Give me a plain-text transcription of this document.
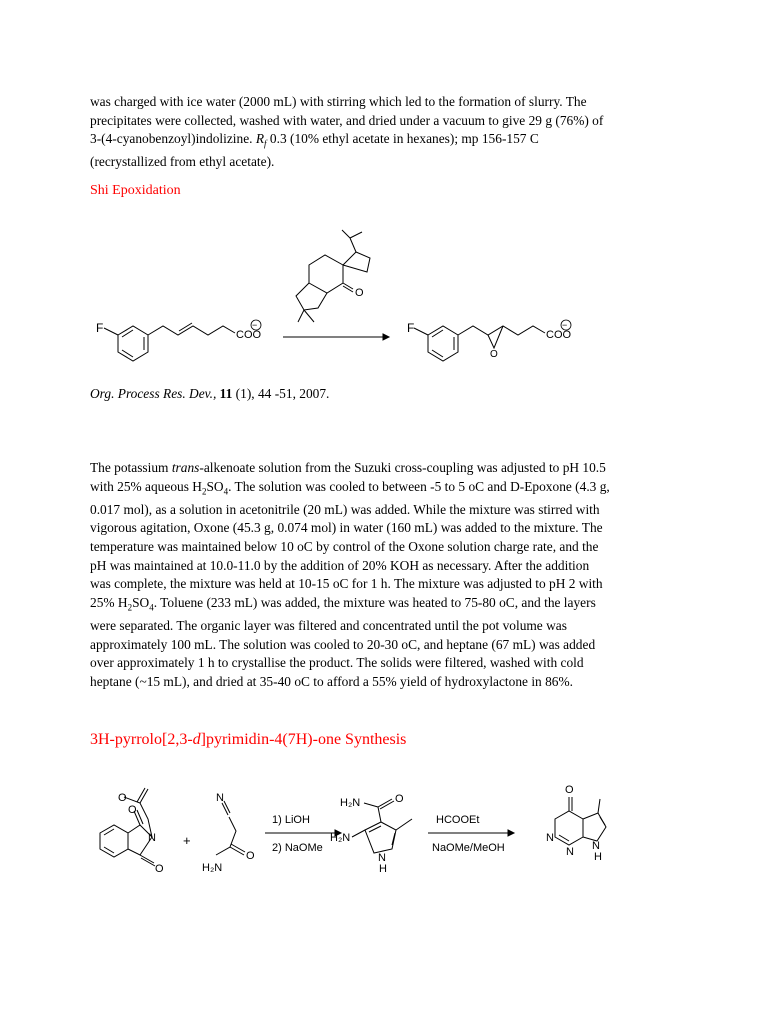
was charged with ice water (2000 mL) with stirring which led to the formation of slurry. The
precipitates were collected, washed with water, and dried under a vacuum to give 29 g (76%) of
3-(4-cyanobenzoyl)indolizine. $R_f$ 0.3 (10% ethyl acetate in hexanes); mp 156-157 C
(recrystallized from ethyl acetate).

Shi Epoxidation
F	COO
−	F	COO
−
O
O

Org. Process Res. Dev., 11 (1), 44 -51, 2007.

The potassium trans-alkenoate solution from the Suzuki cross-coupling was adjusted to pH 10.5
with 25% aqueous $H_2SO_4$. The solution was cooled to between -5 to 5 oC and D-Epoxone (4.3 g,
0.017 mol), as a solution in acetonitrile (20 mL) was added. While the mixture was stirred with
vigorous agitation, Oxone (45.3 g, 0.074 mol) in water (160 mL) was added to the mixture. The
temperature was maintained below 10 oC by control of the Oxone solution charge rate, and the
pH was maintained at 10.0-11.0 by the addition of 20% KOH as necessary. After the addition
was complete, the mixture was held at 10-15 oC for 1 h. The mixture was adjusted to pH 2 with
25% $H_2SO_4$. Toluene (233 mL) was added, the mixture was heated to 75-80 oC, and the layers
were separated. The organic layer was filtered and concentrated until the pot volume was
approximately 100 mL. The solution was cooled to 20-30 oC, and heptane (67 mL) was added
over approximately 1 h to crystallise the product. The solids were filtered, washed with cold
heptane (~15 mL), and dried at 35-40 oC to afford a 55% yield of hydroxylactone in 86%.

3H-pyrrolo[2,3-d]pyrimidin-4(7H)-one Synthesis
O
O
O
N +
N
O
H₂N
1) LiOH
2) NaOMe
H₂N	O
H₂N
N
H
HCOOEt
NaOMe/MeOH
O
N
N N
H
